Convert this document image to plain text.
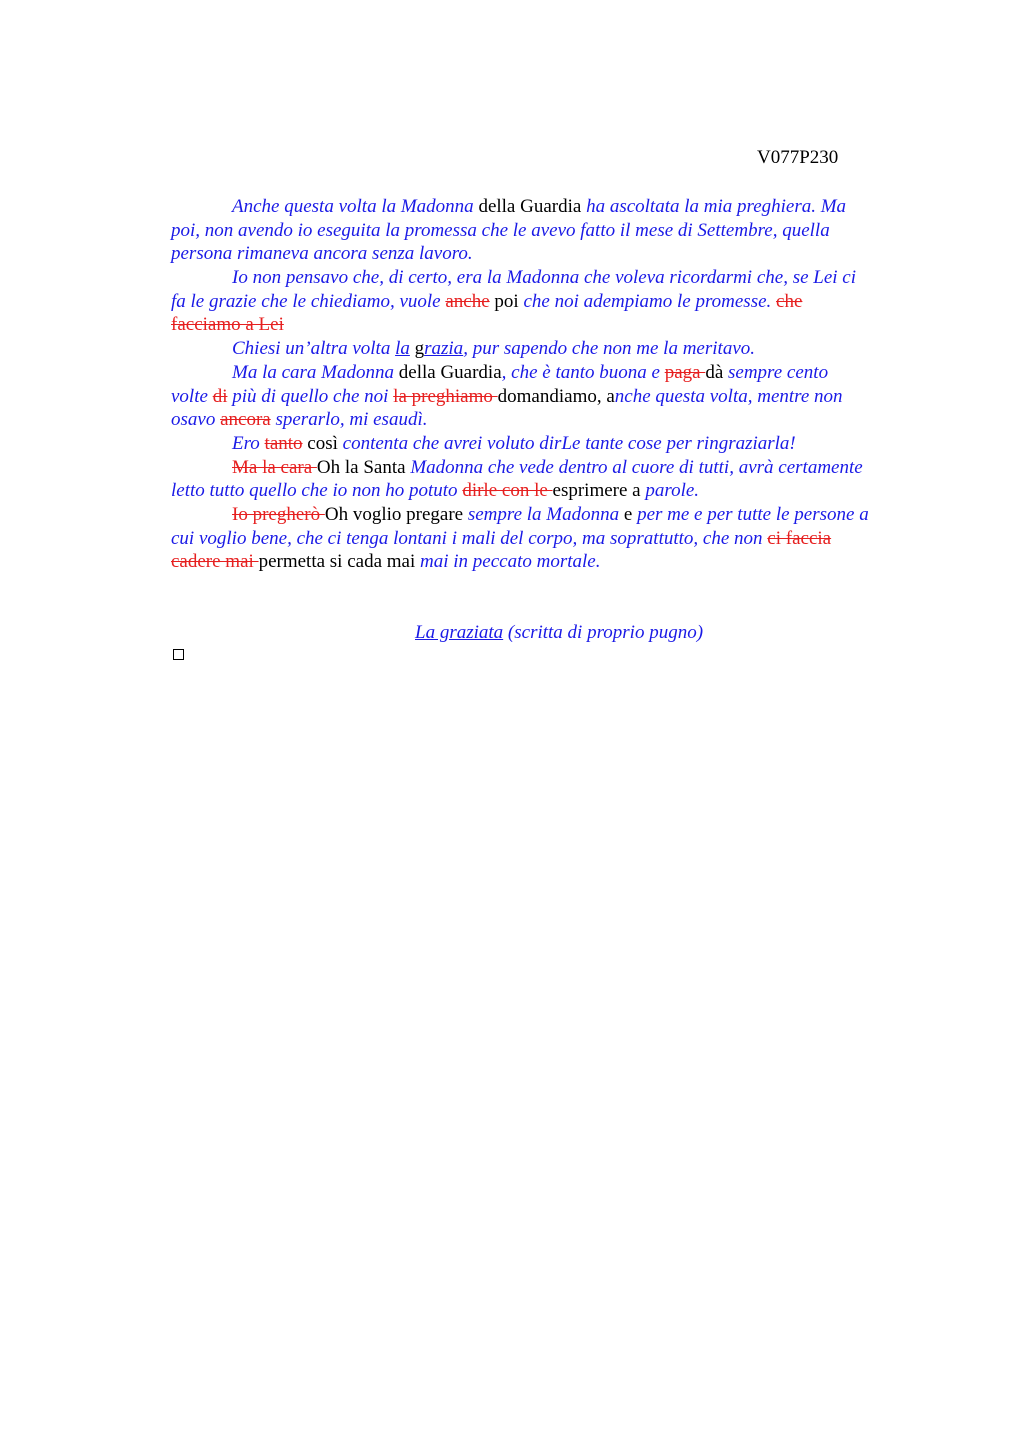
V077P230
Anche questa volta la Madonna della Guardia ha ascoltata la mia preghiera. Ma
poi, non avendo io eseguita la promessa che le avevo fatto il mese di Settembre, quella
persona rimaneva ancora senza lavoro.
Io non pensavo che, di certo, era la Madonna che voleva ricordarmi che, se Lei ci
fa le grazie che le chiediamo, vuole anche poi che noi adempiamo le promesse. che
facciamo a Lei
Chiesi un’altra volta la grazia, pur sapendo che non me la meritavo.
Ma la cara Madonna della Guardia, che è tanto buona e paga dà sempre cento
volte di più di quello che noi la preghiamo domandiamo, anche questa volta, mentre non
osavo ancora sperarlo, mi esaudì.
Ero tanto così contenta che avrei voluto dirLe tante cose per ringraziarla!
Ma la cara Oh la Santa Madonna che vede dentro al cuore di tutti, avrà certamente
letto tutto quello che io non ho potuto dirle con le esprimere a parole.
Io pregherò Oh voglio pregare sempre la Madonna e per me e per tutte le persone a
cui voglio bene, che ci tenga lontani i mali del corpo, ma soprattutto, che non ci faccia
cadere mai permetta si cada mai mai in peccato mortale.
La graziata (scritta di proprio pugno)
